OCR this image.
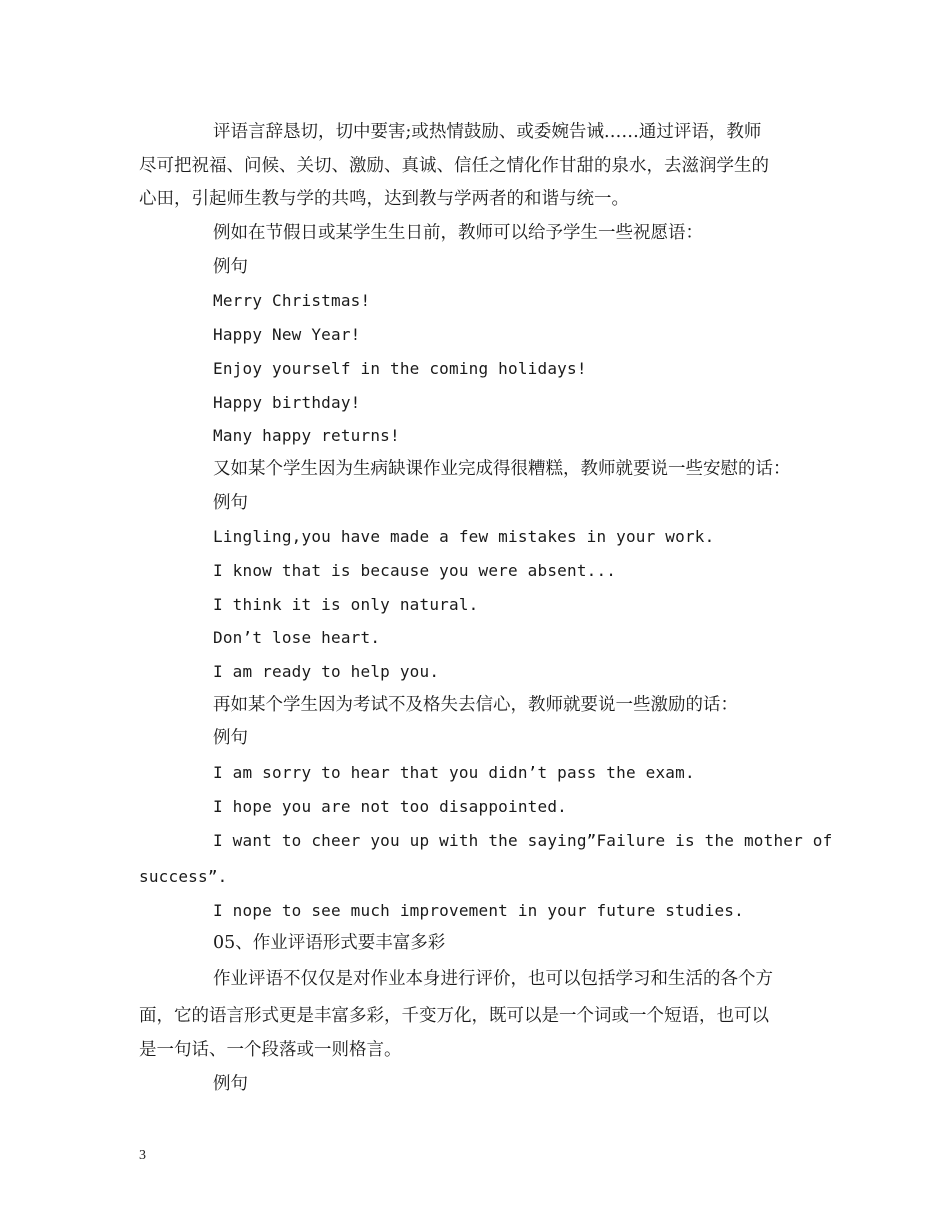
评语言辞恳切，切中要害;或热情鼓励、或委婉告诫……通过评语，教师
尽可把祝福、问候、关切、激励、真诚、信任之情化作甘甜的泉水，去滋润学生的
心田，引起师生教与学的共鸣，达到教与学两者的和谐与统一。
例如在节假日或某学生生日前，教师可以给予学生一些祝愿语：
例句
Merry Christmas!
Happy New Year!
Enjoy yourself in the coming holidays!
Happy birthday!
Many happy returns!
又如某个学生因为生病缺课作业完成得很糟糕，教师就要说一些安慰的话：
例句
Lingling,you have made a few mistakes in your work.
I know that is because you were absent...
I think it is only natural.
Don’t lose heart.
I am ready to help you.
再如某个学生因为考试不及格失去信心，教师就要说一些激励的话：
例句
I am sorry to hear that you didn’t pass the exam.
I hope you are not too disappointed.
I want to cheer you up with the saying”Failure is the mother of
success”.
I nope to see much improvement in your future studies.
05、作业评语形式要丰富多彩
作业评语不仅仅是对作业本身进行评价，也可以包括学习和生活的各个方
面，它的语言形式更是丰富多彩，千变万化，既可以是一个词或一个短语，也可以
是一句话、一个段落或一则格言。
例句
3
